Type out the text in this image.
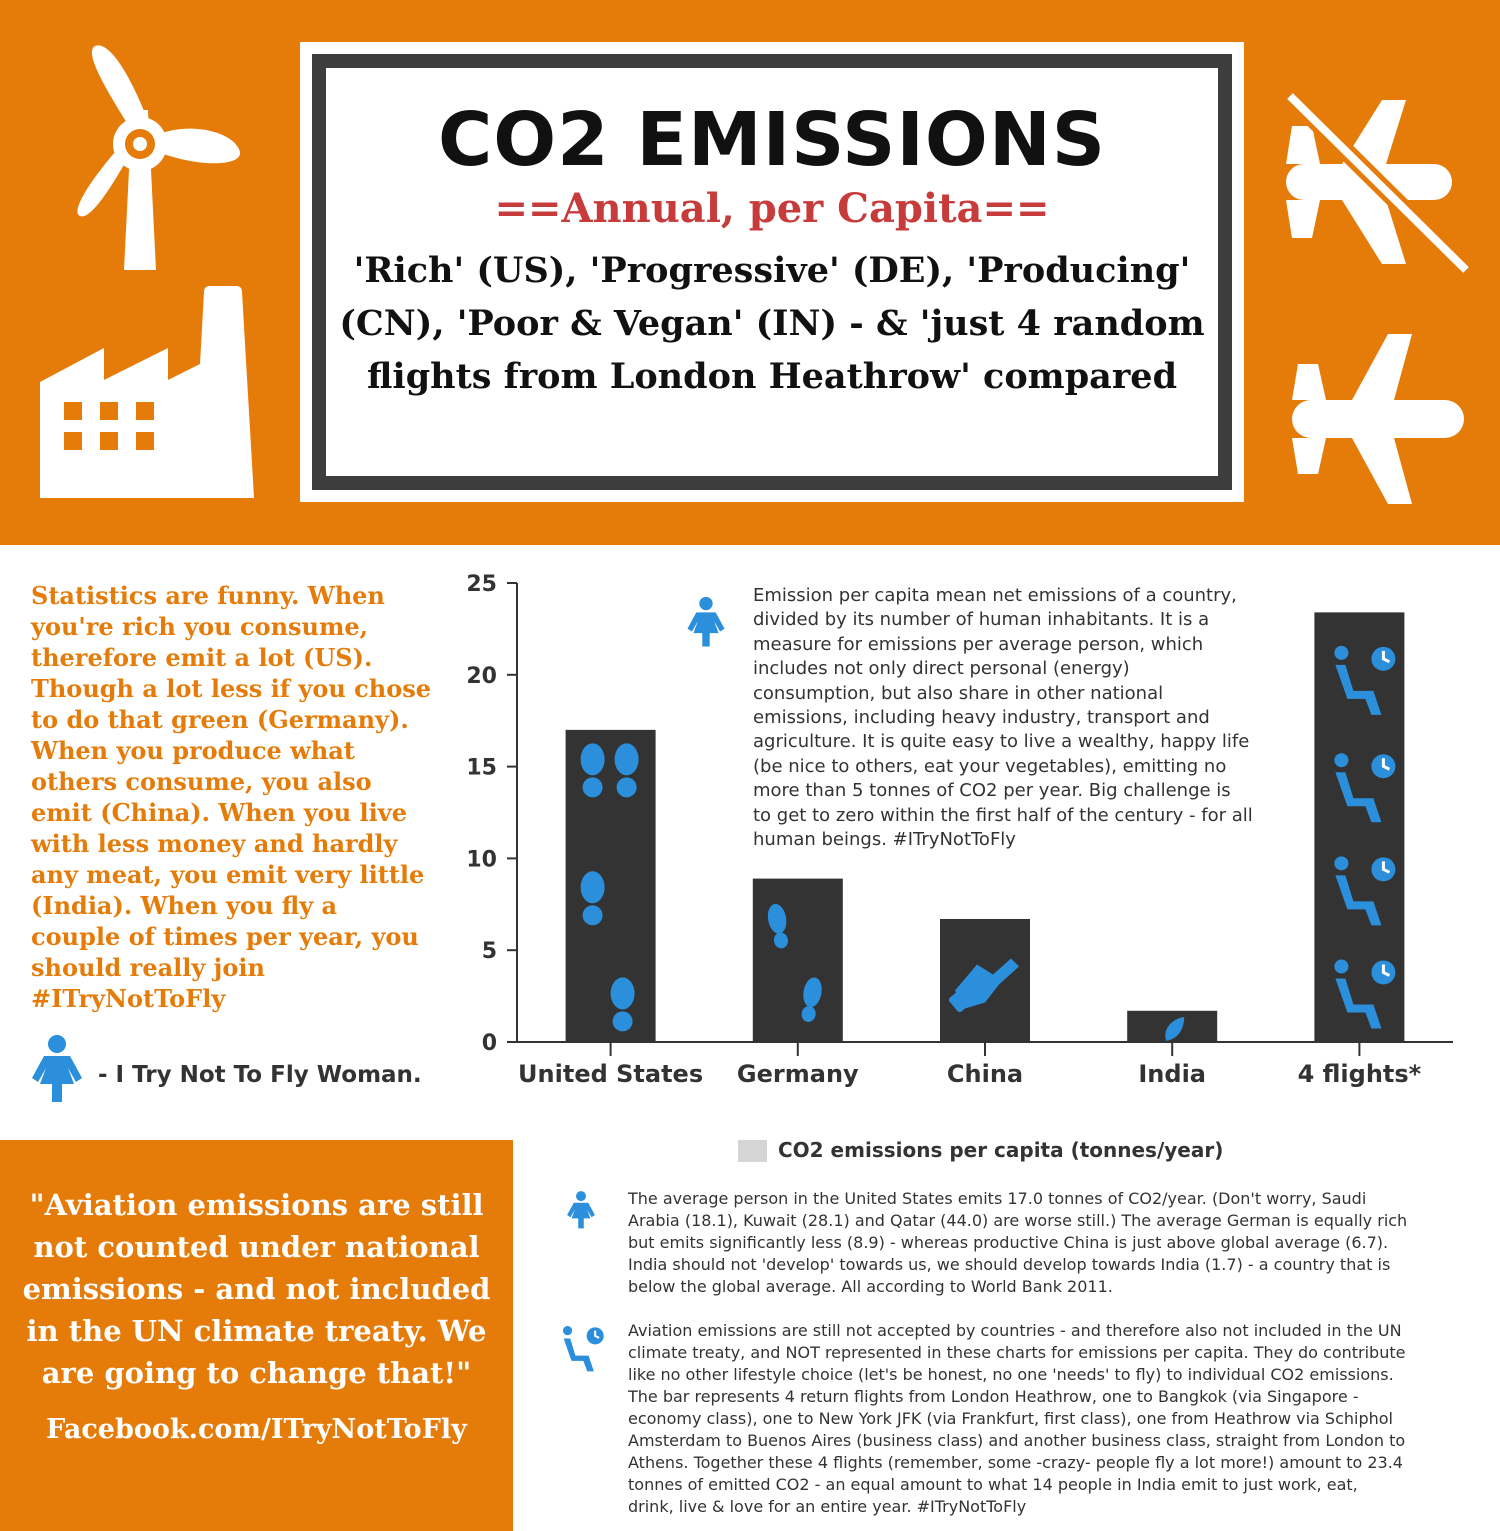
CO2 EMISSIONS
==Annual, per Capita==
'Rich' (US), 'Progressive' (DE), 'Producing' (CN), 'Poor & Vegan' (IN) - & 'just 4 random flights from London Heathrow' compared
Statistics are funny. When you're rich you consume, therefore emit a lot (US). Though a lot less if you chose to do that green (Germany). When you produce what others consume, you also emit (China). When you live with less money and hardly any meat, you emit very little (India). When you fly a couple of times per year, you should really join #ITryNotToFly
- I Try Not To Fly Woman.
0
5
10
15
20
25
United States Germany	China	India	4 flights*
Emission per capita mean net emissions of a country, divided by its number of human inhabitants. It is a measure for emissions per average person, which includes not only direct personal (energy) consumption, but also share in other national emissions, including heavy industry, transport and agriculture. It is quite easy to live a wealthy, happy life (be nice to others, eat your vegetables), emitting no more than 5 tonnes of CO2 per year. Big challenge is to get to zero within the first half of the century - for all human beings. #ITryNotToFly
CO2 emissions per capita (tonnes/year)
"Aviation emissions are still not counted under national emissions - and not included in the UN climate treaty. We are going to change that!"
Facebook.com/ITryNotToFly
The average person in the United States emits 17.0 tonnes of CO2/year. (Don't worry, Saudi Arabia (18.1), Kuwait (28.1) and Qatar (44.0) are worse still.) The average German is equally rich but emits significantly less (8.9) - whereas productive China is just above global average (6.7). India should not 'develop' towards us, we should develop towards India (1.7) - a country that is below the global average. All according to World Bank 2011.
Aviation emissions are still not accepted by countries - and therefore also not included in the UN climate treaty, and NOT represented in these charts for emissions per capita. They do contribute like no other lifestyle choice (let's be honest, no one 'needs' to fly) to individual CO2 emissions. The bar represents 4 return flights from London Heathrow, one to Bangkok (via Singapore - economy class), one to New York JFK (via Frankfurt, first class), one from Heathrow via Schiphol Amsterdam to Buenos Aires (business class) and another business class, straight from London to Athens. Together these 4 flights (remember, some -crazy- people fly a lot more!) amount to 23.4 tonnes of emitted CO2 - an equal amount to what 14 people in India emit to just work, eat, drink, live & love for an entire year. #ITryNotToFly
